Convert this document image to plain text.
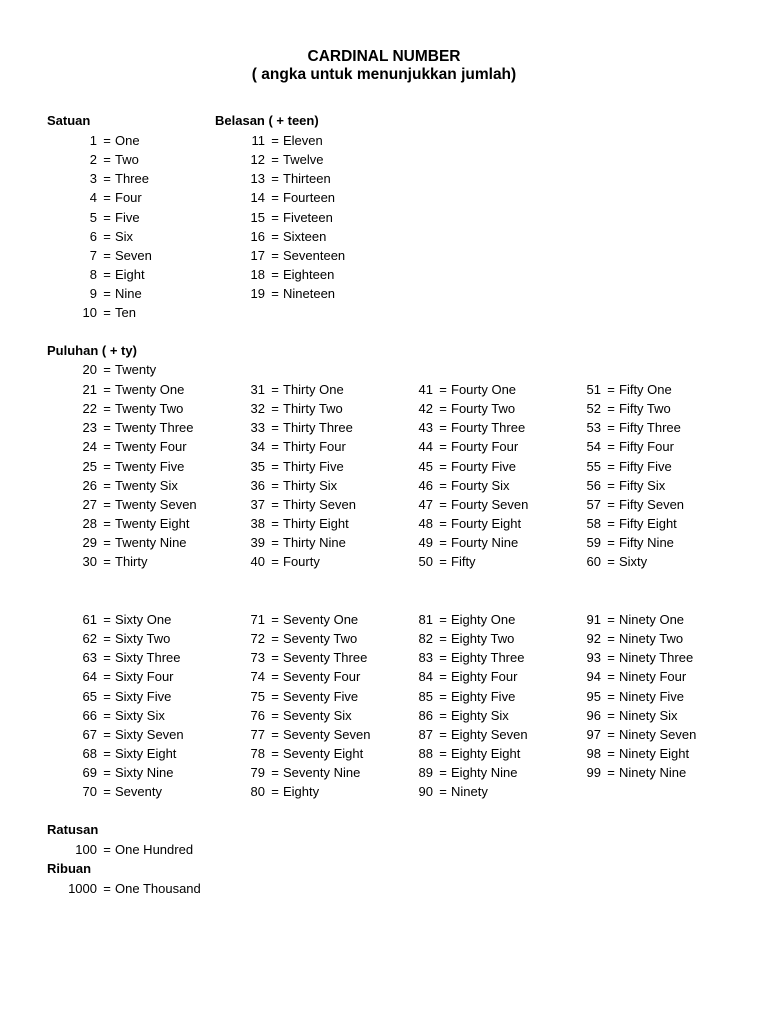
CARDINAL NUMBER
( angka untuk menunjukkan jumlah)
Satuan	Belasan ( + teen)
Puluhan ( + ty)
Ratusan
Ribuan
1 = One
2 = Two
3 = Three
4 = Four
5 = Five
6 = Six
7 = Seven
8 = Eight
9 = Nine
10 = Ten
11 = Eleven
12 = Twelve
13 = Thirteen
14 = Fourteen
15 = Fiveteen
16 = Sixteen
17 = Seventeen
18 = Eighteen
19 = Nineteen
20 = Twenty
21 = Twenty One
22 = Twenty Two
23 = Twenty Three
24 = Twenty Four
25 = Twenty Five
26 = Twenty Six
27 = Twenty Seven
28 = Twenty Eight
29 = Twenty Nine
30 = Thirty
31 = Thirty One
32 = Thirty Two
33 = Thirty Three
34 = Thirty Four
35 = Thirty Five
36 = Thirty Six
37 = Thirty Seven
38 = Thirty Eight
39 = Thirty Nine
40 = Fourty
41 = Fourty One
42 = Fourty Two
43 = Fourty Three
44 = Fourty Four
45 = Fourty Five
46 = Fourty Six
47 = Fourty Seven
48 = Fourty Eight
49 = Fourty Nine
50 = Fifty
51 = Fifty One
52 = Fifty Two
53 = Fifty Three
54 = Fifty Four
55 = Fifty Five
56 = Fifty Six
57 = Fifty Seven
58 = Fifty Eight
59 = Fifty Nine
60 = Sixty
61 = Sixty One
62 = Sixty Two
63 = Sixty Three
64 = Sixty Four
65 = Sixty Five
66 = Sixty Six
67 = Sixty Seven
68 = Sixty Eight
69 = Sixty Nine
70 = Seventy
71 = Seventy One
72 = Seventy Two
73 = Seventy Three
74 = Seventy Four
75 = Seventy Five
76 = Seventy Six
77 = Seventy Seven
78 = Seventy Eight
79 = Seventy Nine
80 = Eighty
81 = Eighty One
82 = Eighty Two
83 = Eighty Three
84 = Eighty Four
85 = Eighty Five
86 = Eighty Six
87 = Eighty Seven
88 = Eighty Eight
89 = Eighty Nine
90 = Ninety
91 = Ninety One
92 = Ninety Two
93 = Ninety Three
94 = Ninety Four
95 = Ninety Five
96 = Ninety Six
97 = Ninety Seven
98 = Ninety Eight
99 = Ninety Nine
100 = One Hundred
1000 = One Thousand
